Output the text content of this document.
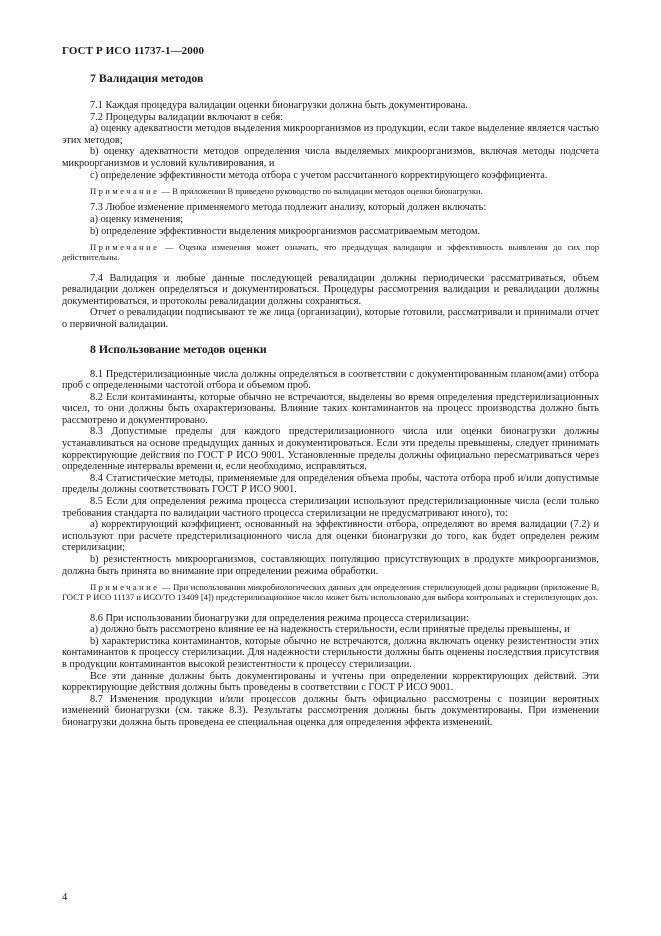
ГОСТ Р ИСО 11737-1—2000
7 Валидация методов

7.1 Каждая процедура валидации оценки бионагрузки должна быть документирована.

7.2 Процедуры валидации включают в себя:

а) оценку адекватности методов выделения микроорганизмов из продукции, если такое выделение является частью этих методов;

b) оценку адекватности методов определения числа выделяемых микроорганизмов, включая методы подсчета микроорганизмов и условий культивирования, и

с) определение эффективности метода отбора с учетом рассчитанного корректирующего коэффициента.

Примечание — В приложении В приведено руководство по валидации методов оценки бионагрузки.

7.3 Любое изменение применяемого метода подлежит анализу, который должен включать:

а) оценку изменения;

b) определение эффективности выделения микроорганизмов рассматриваемым методом.

Примечание — Оценка изменения может означать, что предыдущая валидация и эффективность выявления до сих пор действительны.

7.4 Валидация и любые данные последующей ревалидации должны периодически рассматриваться, объем ревалидации должен определяться и документироваться. Процедуры рассмотрения валидации и ревалидации должны документироваться, и протоколы ревалидации должны сохраняться.

Отчет о ревалидации подписывают те же лица (организации), которые готовили, рассматривали и принимали отчет о первичной валидации.

8 Использование методов оценки

8.1 Предстерилизационные числа должны определяться в соответствии с документированным планом(ами) отбора проб с определенными частотой отбора и объемом проб.

8.2 Если контаминанты, которые обычно не встречаются, выделены во время определения предстерилизационных чисел, то они должны быть охарактеризованы. Влияние таких контаминантов на процесс производства должно быть рассмотрено и документировано.

8.3 Допустимые пределы для каждого предстерилизационного числа или оценки бионагрузки должны устанавливаться на основе предыдущих данных и документироваться. Если эти пределы превышены, следует принимать корректирующие действия по ГОСТ Р ИСО 9001. Установленные пределы должны официально пересматриваться через определенные интервалы времени и, если необходимо, исправляться.

8.4 Статистические методы, применяемые для определения объема пробы, частота отбора проб и/или допустимые пределы должны соответствовать ГОСТ Р ИСО 9001.

8.5 Если для определения режима процесса стерилизации используют предстерилизационные числа (если только требования стандарта по валидации частного процесса стерилизации не предусматривают иного), то:

а) корректирующий коэффициент, основанный на эффективности отбора, определяют во время валидации (7.2) и используют при расчете предстерилизационного числа для оценки бионагрузки до того, как будет определен режим стерилизации;

b) резистентность микроорганизмов, составляющих популяцию присутствующих в продукте микроорганизмов, должна быть принята во внимание при определении режима обработки.

Примечание — При использовании микробиологических данных для определения стерилизующей дозы радиации (приложение В, ГОСТ Р ИСО 11137 и ИСО/ТО 13409 [4]) предстерилизационное число может быть использовано для выбора контрольных и стерилизующих доз.

8.6 При использовании бионагрузки для определения режима процесса стерилизации:

а) должно быть рассмотрено влияние ее на надежность стерильности, если принятые пределы превышены, и

b) характеристика контаминантов, которые обычно не встречаются, должна включать оценку резистентности этих контаминантов к процессу стерилизации. Для надежности стерильности должны быть оценены последствия присутствия в продукции контаминантов высокой резистентности к процессу стерилизации.

Все эти данные должны быть документированы и учтены при определении корректирующих действий. Эти корректирующие действия должны быть проведены в соответствии с ГОСТ Р ИСО 9001.

8.7 Изменения продукции и/или процессов должны быть официально рассмотрены с позиции вероятных изменений бионагрузки (см. также 8.3). Результаты рассмотрения должны быть документированы. При изменении бионагрузки должна быть проведена ее специальная оценка для определения эффекта изменений.

4
